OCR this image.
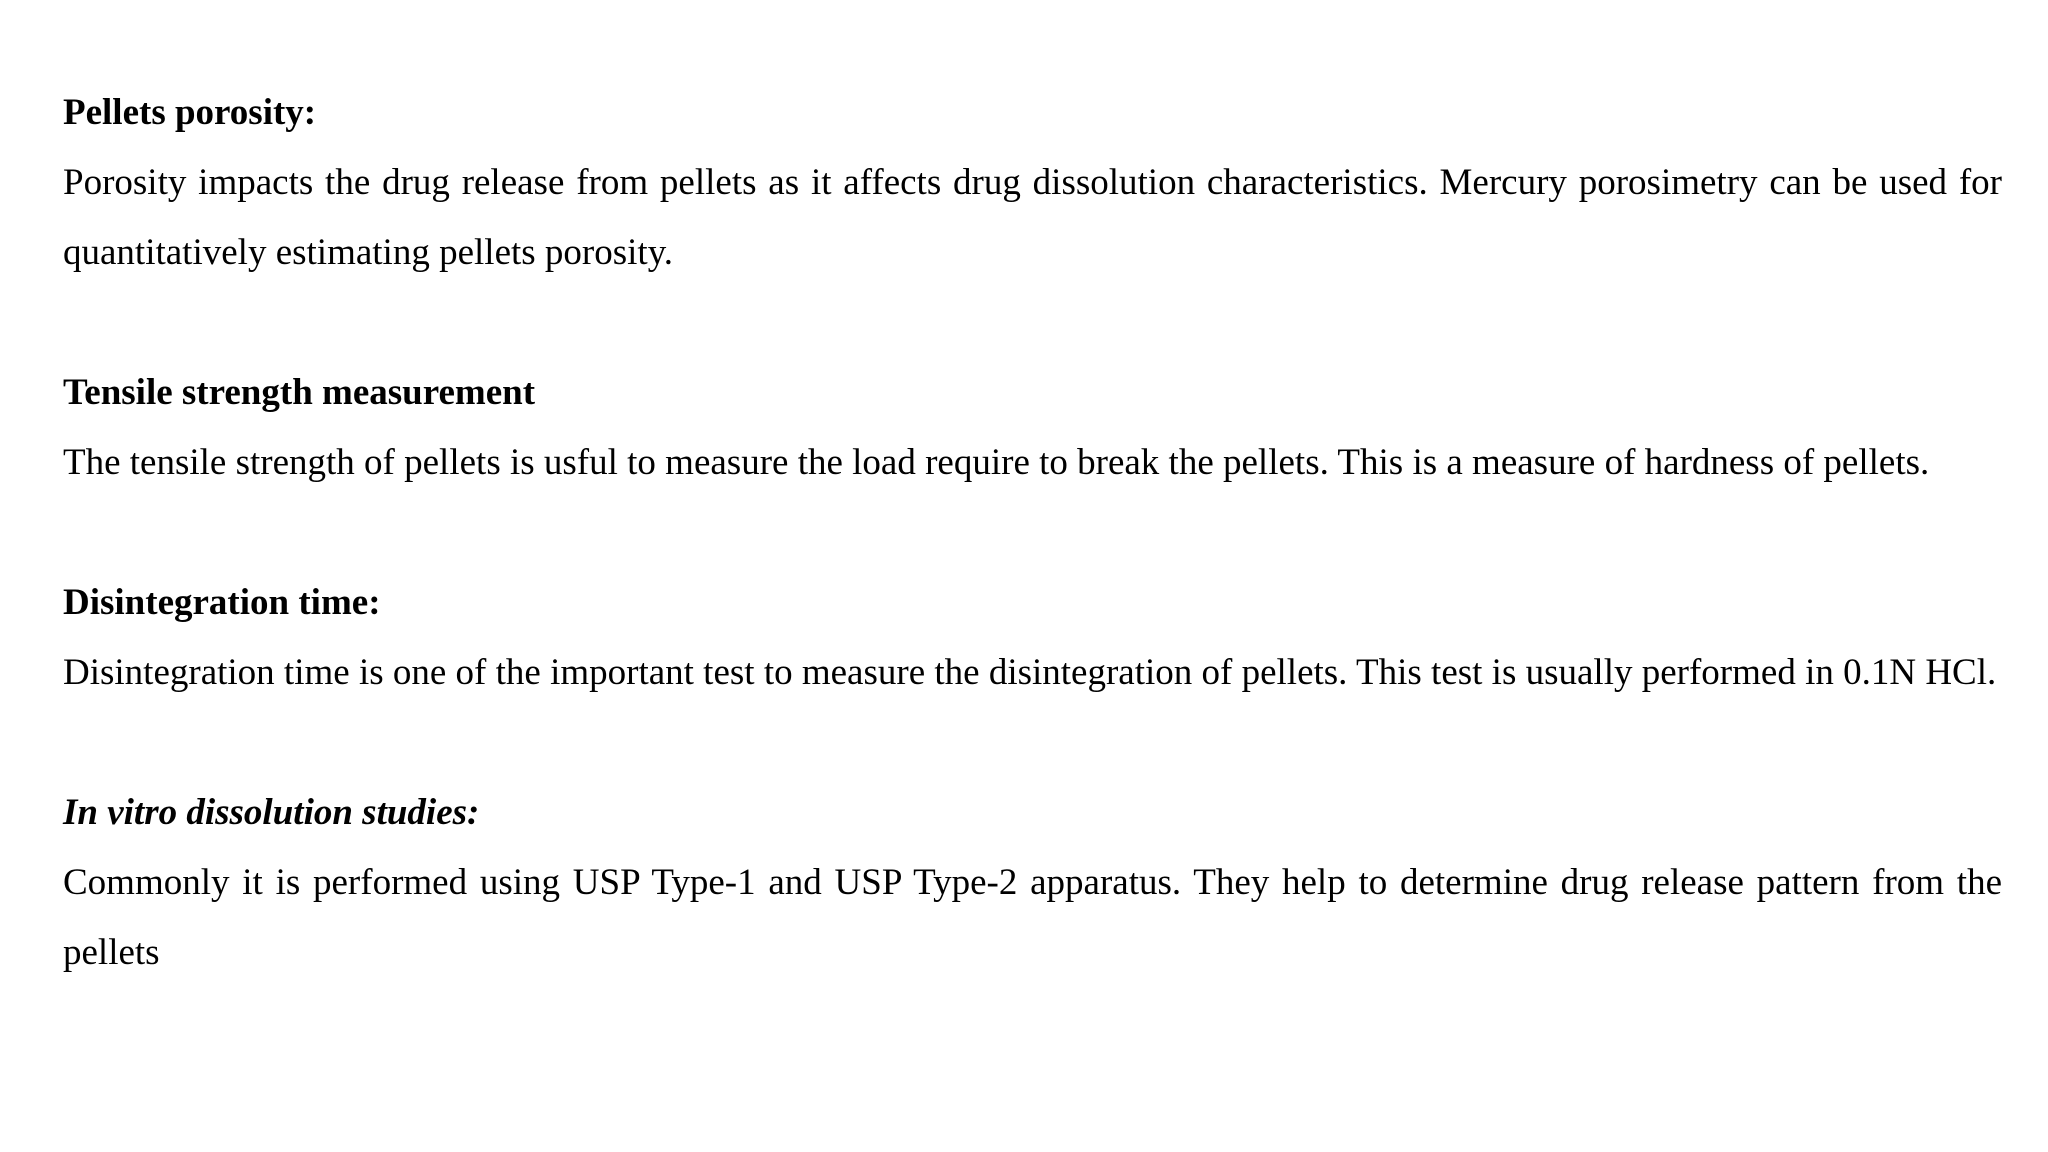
Pellets porosity:

Porosity impacts the drug release from pellets as it affects drug dissolution characteristics. Mercury porosimetry can be used for quantitatively estimating pellets porosity.

Tensile strength measurement

The tensile strength of pellets is usful to measure the load require to break the pellets. This is a measure of hardness of pellets.

Disintegration time:

Disintegration time is one of the important test to measure the disintegration of pellets. This test is usually performed in 0.1N HCl.

In vitro dissolution studies:

Commonly it is performed using USP Type-1 and USP Type-2 apparatus. They help to determine drug release pattern from the pellets
